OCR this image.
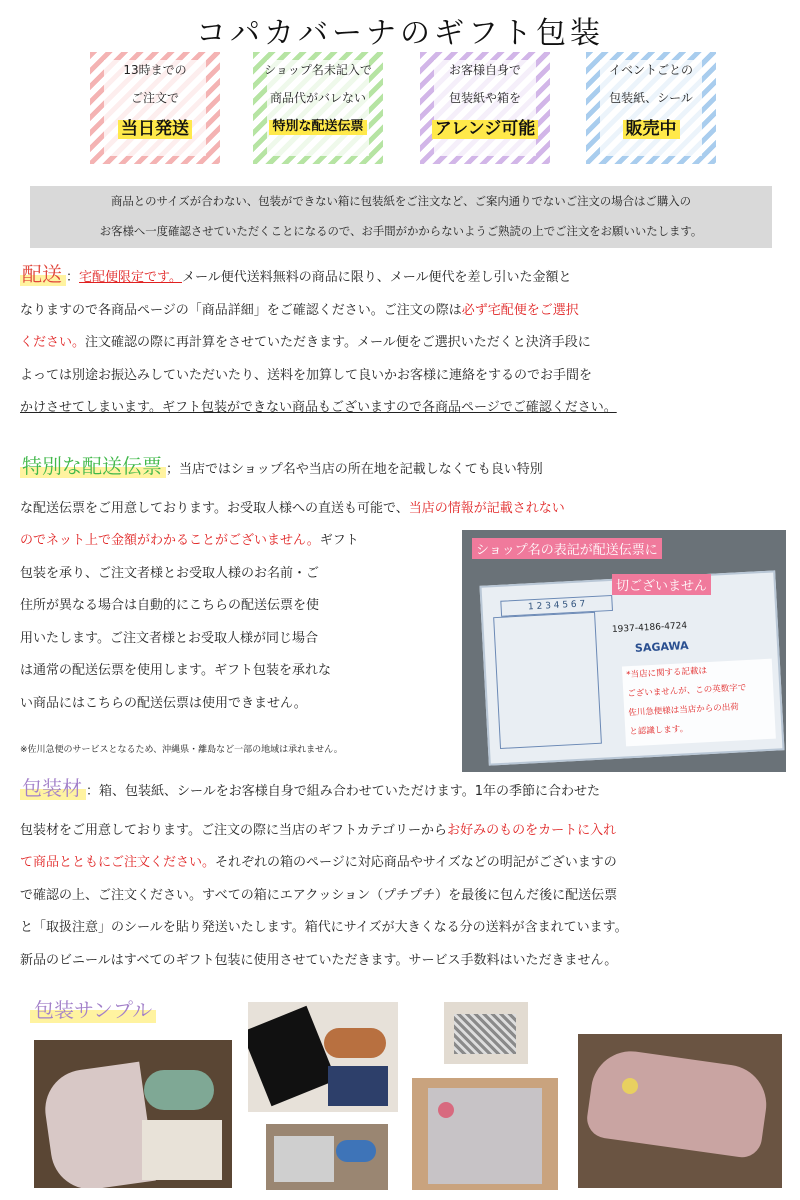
コパカバーナのギフト包装
13時までの
ご注文で
当日発送
ショップ名未記入で
商品代がバレない
特別な配送伝票
お客様自身で
包装紙や箱を
アレンジ可能
イベントごとの
包装紙、シール
販売中
商品とのサイズが合わない、包装ができない箱に包装紙をご注文など、ご案内通りでないご注文の場合はご購入の
お客様へ一度確認させていただくことになるので、お手間がかからないようご熟読の上でご注文をお願いいたします。
配送 ：宅配便限定です。メール便代送料無料の商品に限り、メール便代を差し引いた金額と
なりますので各商品ページの「商品詳細」をご確認ください。ご注文の際は必ず宅配便をご選択
ください。注文確認の際に再計算をさせていただきます。メール便をご選択いただくと決済手段に
よっては別途お振込みしていただいたり、送料を加算して良いかお客様に連絡をするのでお手間を
かけさせてしまいます。ギフト包装ができない商品もございますので各商品ページでご確認ください。
特別な配送伝票 ；当店ではショップ名や当店の所在地を記載しなくても良い特別
な配送伝票をご用意しております。お受取人様への直送も可能で、当店の情報が記載されない
のでネット上で金額がわかることがございません。ギフト
包装を承り、ご注文者様とお受取人様のお名前・ご
住所が異なる場合は自動的にこちらの配送伝票を使
用いたします。ご注文者様とお受取人様が同じ場合
は通常の配送伝票を使用します。ギフト包装を承れな
い商品にはこちらの配送伝票は使用できません。
※佐川急便のサービスとなるため、沖縄県・離島など一部の地域は承れません。
1 2 3 4 5 6 7
1937-4186-4724
SAGAWA
*当店に関する記載は
ございませんが、この英数字で
佐川急便様は当店からの出荷
と認識します。
ショップ名の表記が配送伝票に
切ございません
包装材 ：箱、包装紙、シールをお客様自身で組み合わせていただけます。1年の季節に合わせた
包装材をご用意しております。ご注文の際に当店のギフトカテゴリーからお好みのものをカートに入れ
て商品とともにご注文ください。それぞれの箱のページに対応商品やサイズなどの明記がございますの
で確認の上、ご注文ください。すべての箱にエアクッション（プチプチ）を最後に包んだ後に配送伝票
と「取扱注意」のシールを貼り発送いたします。箱代にサイズが大きくなる分の送料が含まれています。
新品のビニールはすべてのギフト包装に使用させていただきます。サービス手数料はいただきません。
包装サンプル
